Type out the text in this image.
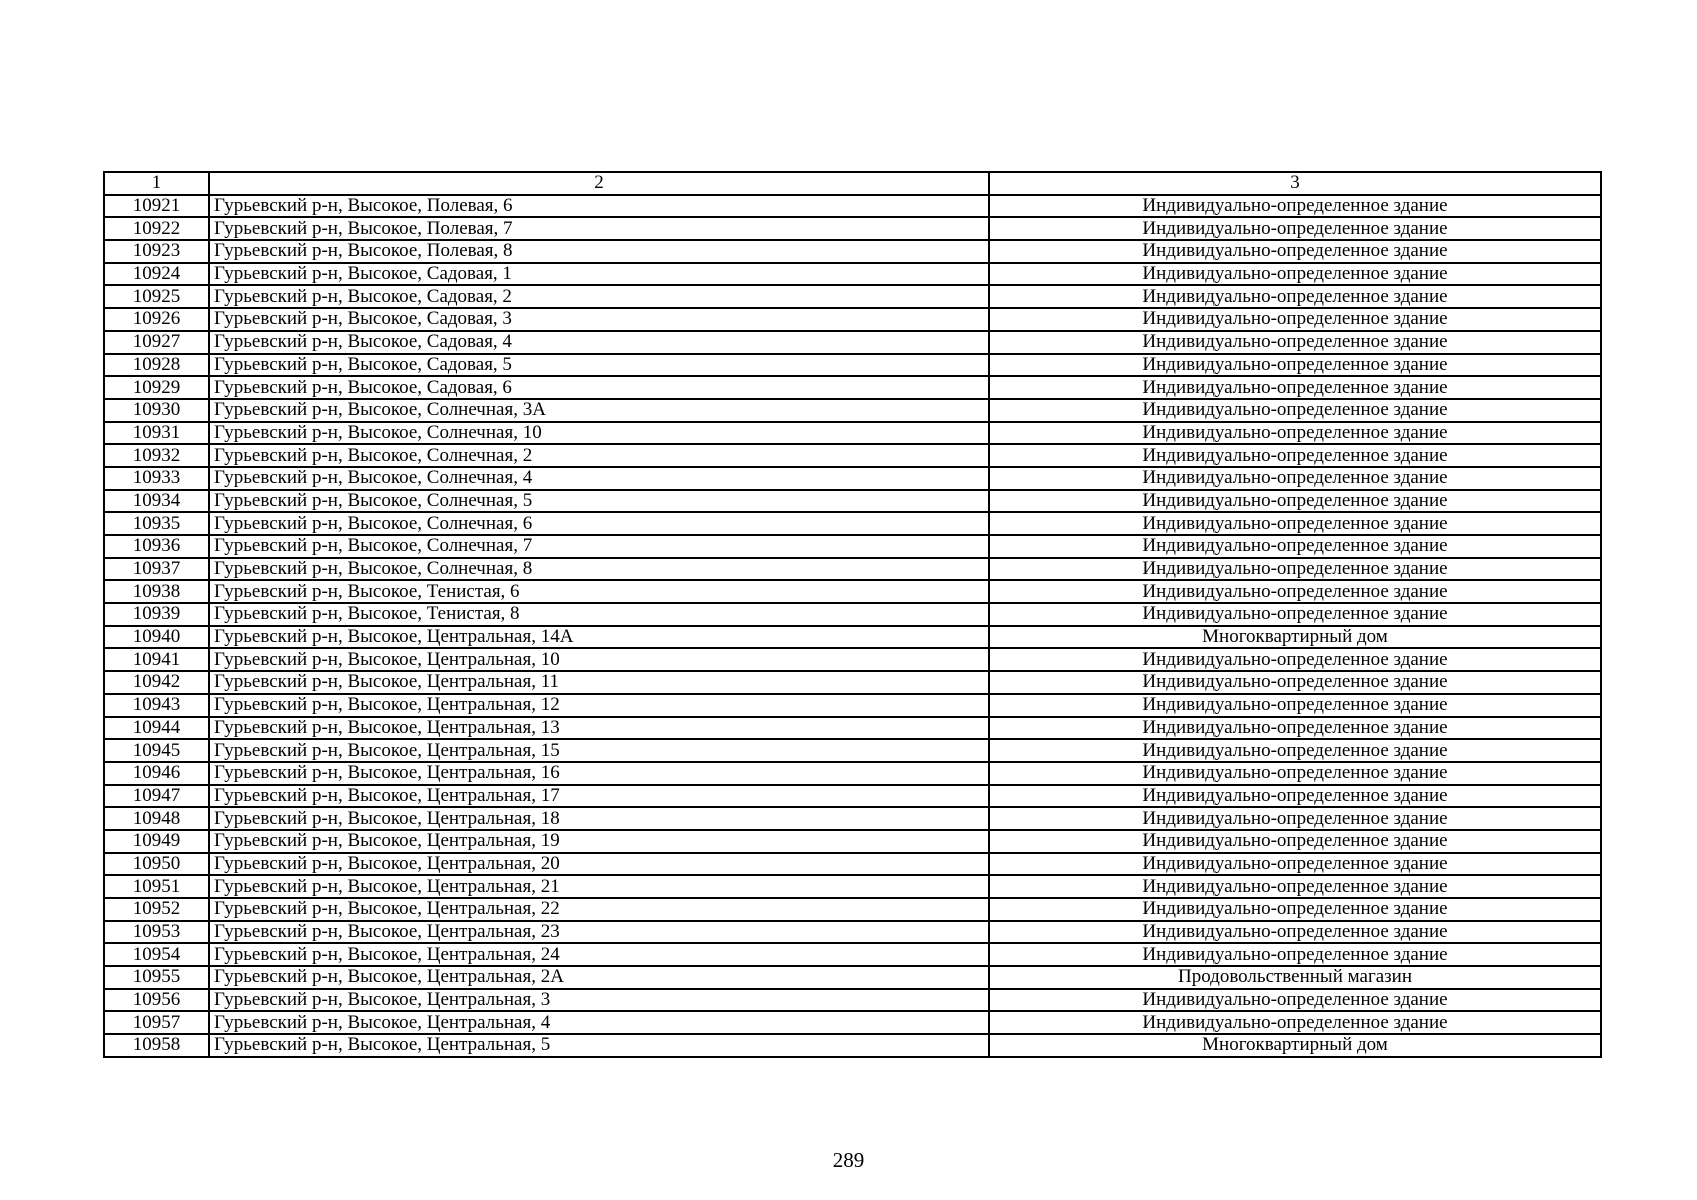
1	2	3
10921	Гурьевский р-н, Высокое, Полевая, 6	Индивидуально-определенное здание
10922	Гурьевский р-н, Высокое, Полевая, 7	Индивидуально-определенное здание
10923	Гурьевский р-н, Высокое, Полевая, 8	Индивидуально-определенное здание
10924	Гурьевский р-н, Высокое, Садовая, 1	Индивидуально-определенное здание
10925	Гурьевский р-н, Высокое, Садовая, 2	Индивидуально-определенное здание
10926	Гурьевский р-н, Высокое, Садовая, 3	Индивидуально-определенное здание
10927	Гурьевский р-н, Высокое, Садовая, 4	Индивидуально-определенное здание
10928	Гурьевский р-н, Высокое, Садовая, 5	Индивидуально-определенное здание
10929	Гурьевский р-н, Высокое, Садовая, 6	Индивидуально-определенное здание
10930	Гурьевский р-н, Высокое, Солнечная, 3А	Индивидуально-определенное здание
10931	Гурьевский р-н, Высокое, Солнечная, 10	Индивидуально-определенное здание
10932	Гурьевский р-н, Высокое, Солнечная, 2	Индивидуально-определенное здание
10933	Гурьевский р-н, Высокое, Солнечная, 4	Индивидуально-определенное здание
10934	Гурьевский р-н, Высокое, Солнечная, 5	Индивидуально-определенное здание
10935	Гурьевский р-н, Высокое, Солнечная, 6	Индивидуально-определенное здание
10936	Гурьевский р-н, Высокое, Солнечная, 7	Индивидуально-определенное здание
10937	Гурьевский р-н, Высокое, Солнечная, 8	Индивидуально-определенное здание
10938	Гурьевский р-н, Высокое, Тенистая, 6	Индивидуально-определенное здание
10939	Гурьевский р-н, Высокое, Тенистая, 8	Индивидуально-определенное здание
10940	Гурьевский р-н, Высокое, Центральная, 14А	Многоквартирный дом
10941	Гурьевский р-н, Высокое, Центральная, 10	Индивидуально-определенное здание
10942	Гурьевский р-н, Высокое, Центральная, 11	Индивидуально-определенное здание
10943	Гурьевский р-н, Высокое, Центральная, 12	Индивидуально-определенное здание
10944	Гурьевский р-н, Высокое, Центральная, 13	Индивидуально-определенное здание
10945	Гурьевский р-н, Высокое, Центральная, 15	Индивидуально-определенное здание
10946	Гурьевский р-н, Высокое, Центральная, 16	Индивидуально-определенное здание
10947	Гурьевский р-н, Высокое, Центральная, 17	Индивидуально-определенное здание
10948	Гурьевский р-н, Высокое, Центральная, 18	Индивидуально-определенное здание
10949	Гурьевский р-н, Высокое, Центральная, 19	Индивидуально-определенное здание
10950	Гурьевский р-н, Высокое, Центральная, 20	Индивидуально-определенное здание
10951	Гурьевский р-н, Высокое, Центральная, 21	Индивидуально-определенное здание
10952	Гурьевский р-н, Высокое, Центральная, 22	Индивидуально-определенное здание
10953	Гурьевский р-н, Высокое, Центральная, 23	Индивидуально-определенное здание
10954	Гурьевский р-н, Высокое, Центральная, 24	Индивидуально-определенное здание
10955	Гурьевский р-н, Высокое, Центральная, 2А	Продовольственный магазин
10956	Гурьевский р-н, Высокое, Центральная, 3	Индивидуально-определенное здание
10957	Гурьевский р-н, Высокое, Центральная, 4	Индивидуально-определенное здание
10958	Гурьевский р-н, Высокое, Центральная, 5	Многоквартирный дом
289
